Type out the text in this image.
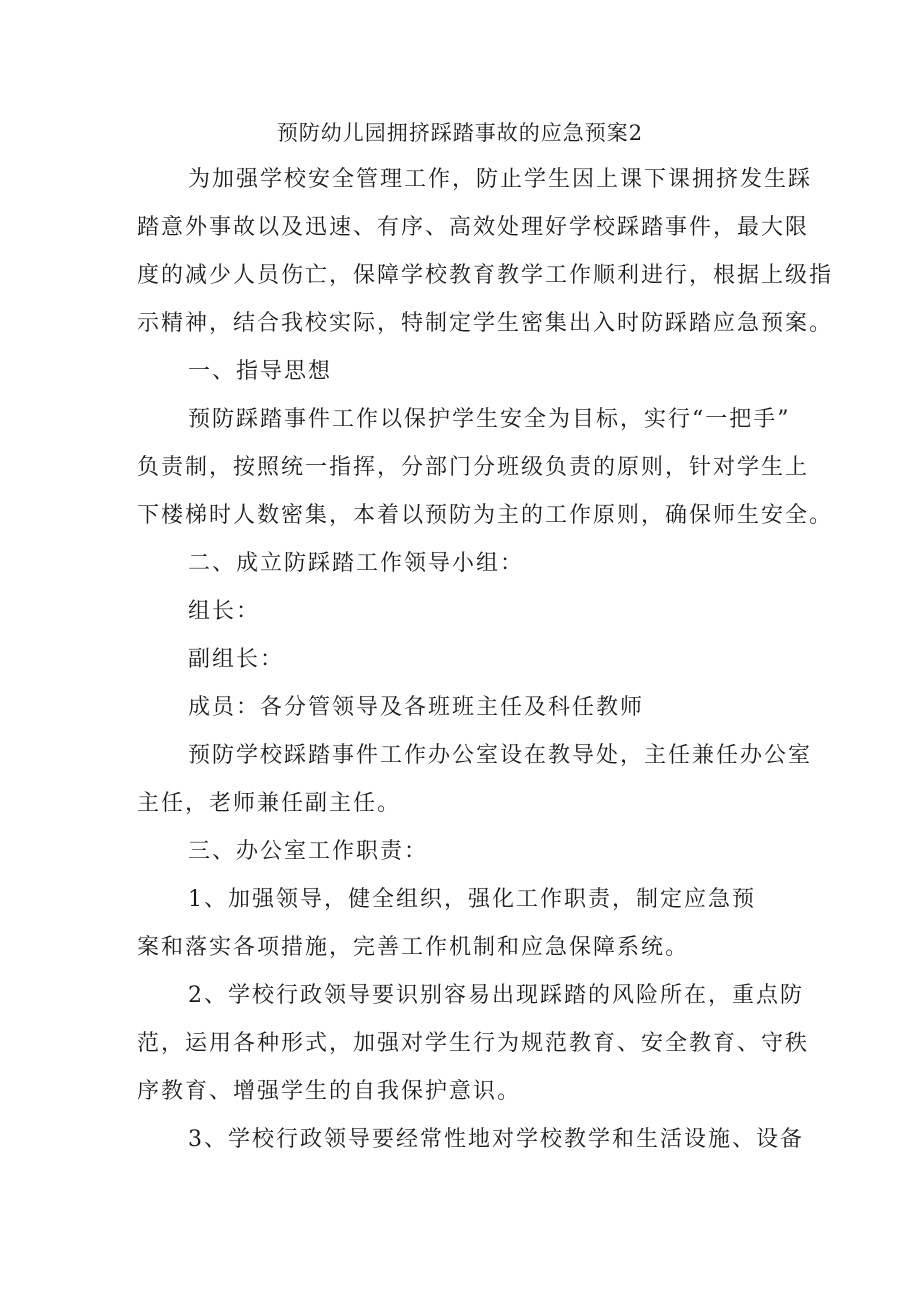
预防幼儿园拥挤踩踏事故的应急预案2
为加强学校安全管理工作，防止学生因上课下课拥挤发生踩
踏意外事故以及迅速、有序、高效处理好学校踩踏事件，最大限
度的减少人员伤亡，保障学校教育教学工作顺利进行，根据上级指
示精神，结合我校实际，特制定学生密集出入时防踩踏应急预案。
一、指导思想
预防踩踏事件工作以保护学生安全为目标，实行“一把手”
负责制，按照统一指挥，分部门分班级负责的原则，针对学生上
下楼梯时人数密集，本着以预防为主的工作原则，确保师生安全。
二、成立防踩踏工作领导小组：
组长：
副组长：
成员：各分管领导及各班班主任及科任教师
预防学校踩踏事件工作办公室设在教导处，主任兼任办公室
主任，老师兼任副主任。
三、办公室工作职责：
1、加强领导，健全组织，强化工作职责，制定应急预
案和落实各项措施，完善工作机制和应急保障系统。
2、学校行政领导要识别容易出现踩踏的风险所在，重点防
范，运用各种形式，加强对学生行为规范教育、安全教育、守秩
序教育、增强学生的自我保护意识。
3、学校行政领导要经常性地对学校教学和生活设施、设备
